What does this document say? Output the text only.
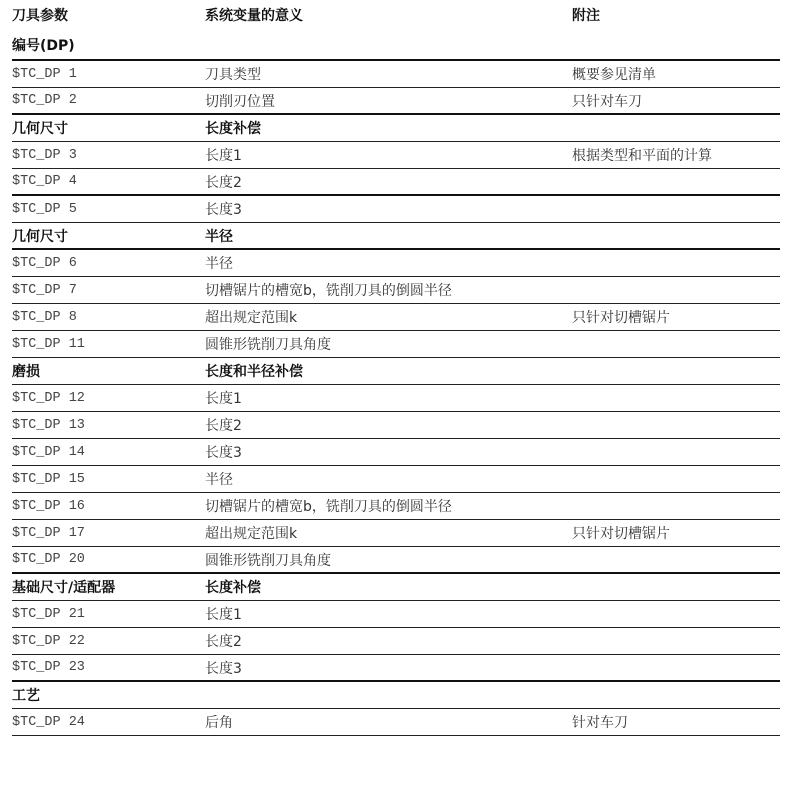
刀具参数	系统变量的意义	附注
编号(DP)
$TC_DP 1	刀具类型	概要参见清单
$TC_DP 2	切削刃位置	只针对车刀
几何尺寸	长度补偿
$TC_DP 3	长度1	根据类型和平面的计算
$TC_DP 4	长度2
$TC_DP 5	长度3
几何尺寸	半径
$TC_DP 6	半径
$TC_DP 7	切槽锯片的槽宽b，铣削刀具的倒圆半径
$TC_DP 8	超出规定范围k	只针对切槽锯片
$TC_DP 11	圆锥形铣削刀具角度
磨损	长度和半径补偿
$TC_DP 12	长度1
$TC_DP 13	长度2
$TC_DP 14	长度3
$TC_DP 15	半径
$TC_DP 16	切槽锯片的槽宽b，铣削刀具的倒圆半径
$TC_DP 17	超出规定范围k	只针对切槽锯片
$TC_DP 20	圆锥形铣削刀具角度
基础尺寸/适配器	长度补偿
$TC_DP 21	长度1
$TC_DP 22	长度2
$TC_DP 23	长度3
工艺
$TC_DP 24	后角	针对车刀
